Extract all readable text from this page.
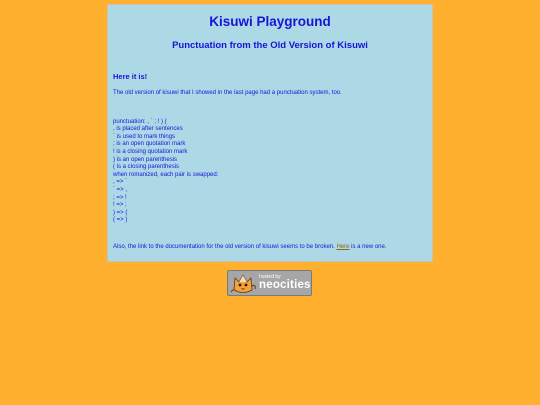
Kisuwi Playground
Punctuation from the Old Version of Kisuwi
Here it is!
The old version of kisuwi that I showed in the last page had a punctuation system, too.
punctuation: , ` ; ! ) (
, is placed after sentences
` is used to mark things
; is an open quotation mark
! is a closing quotation mark
) is an open parenthesis
( is a closing parenthesis
when romanized, each pair is swapped:
, => `
` => ,
; => !
! => ;
) => (
( => )
Also, the link to the documentation for the old version of kisuwi seems to be broken. Here is a new one.
hosted by
neocities
